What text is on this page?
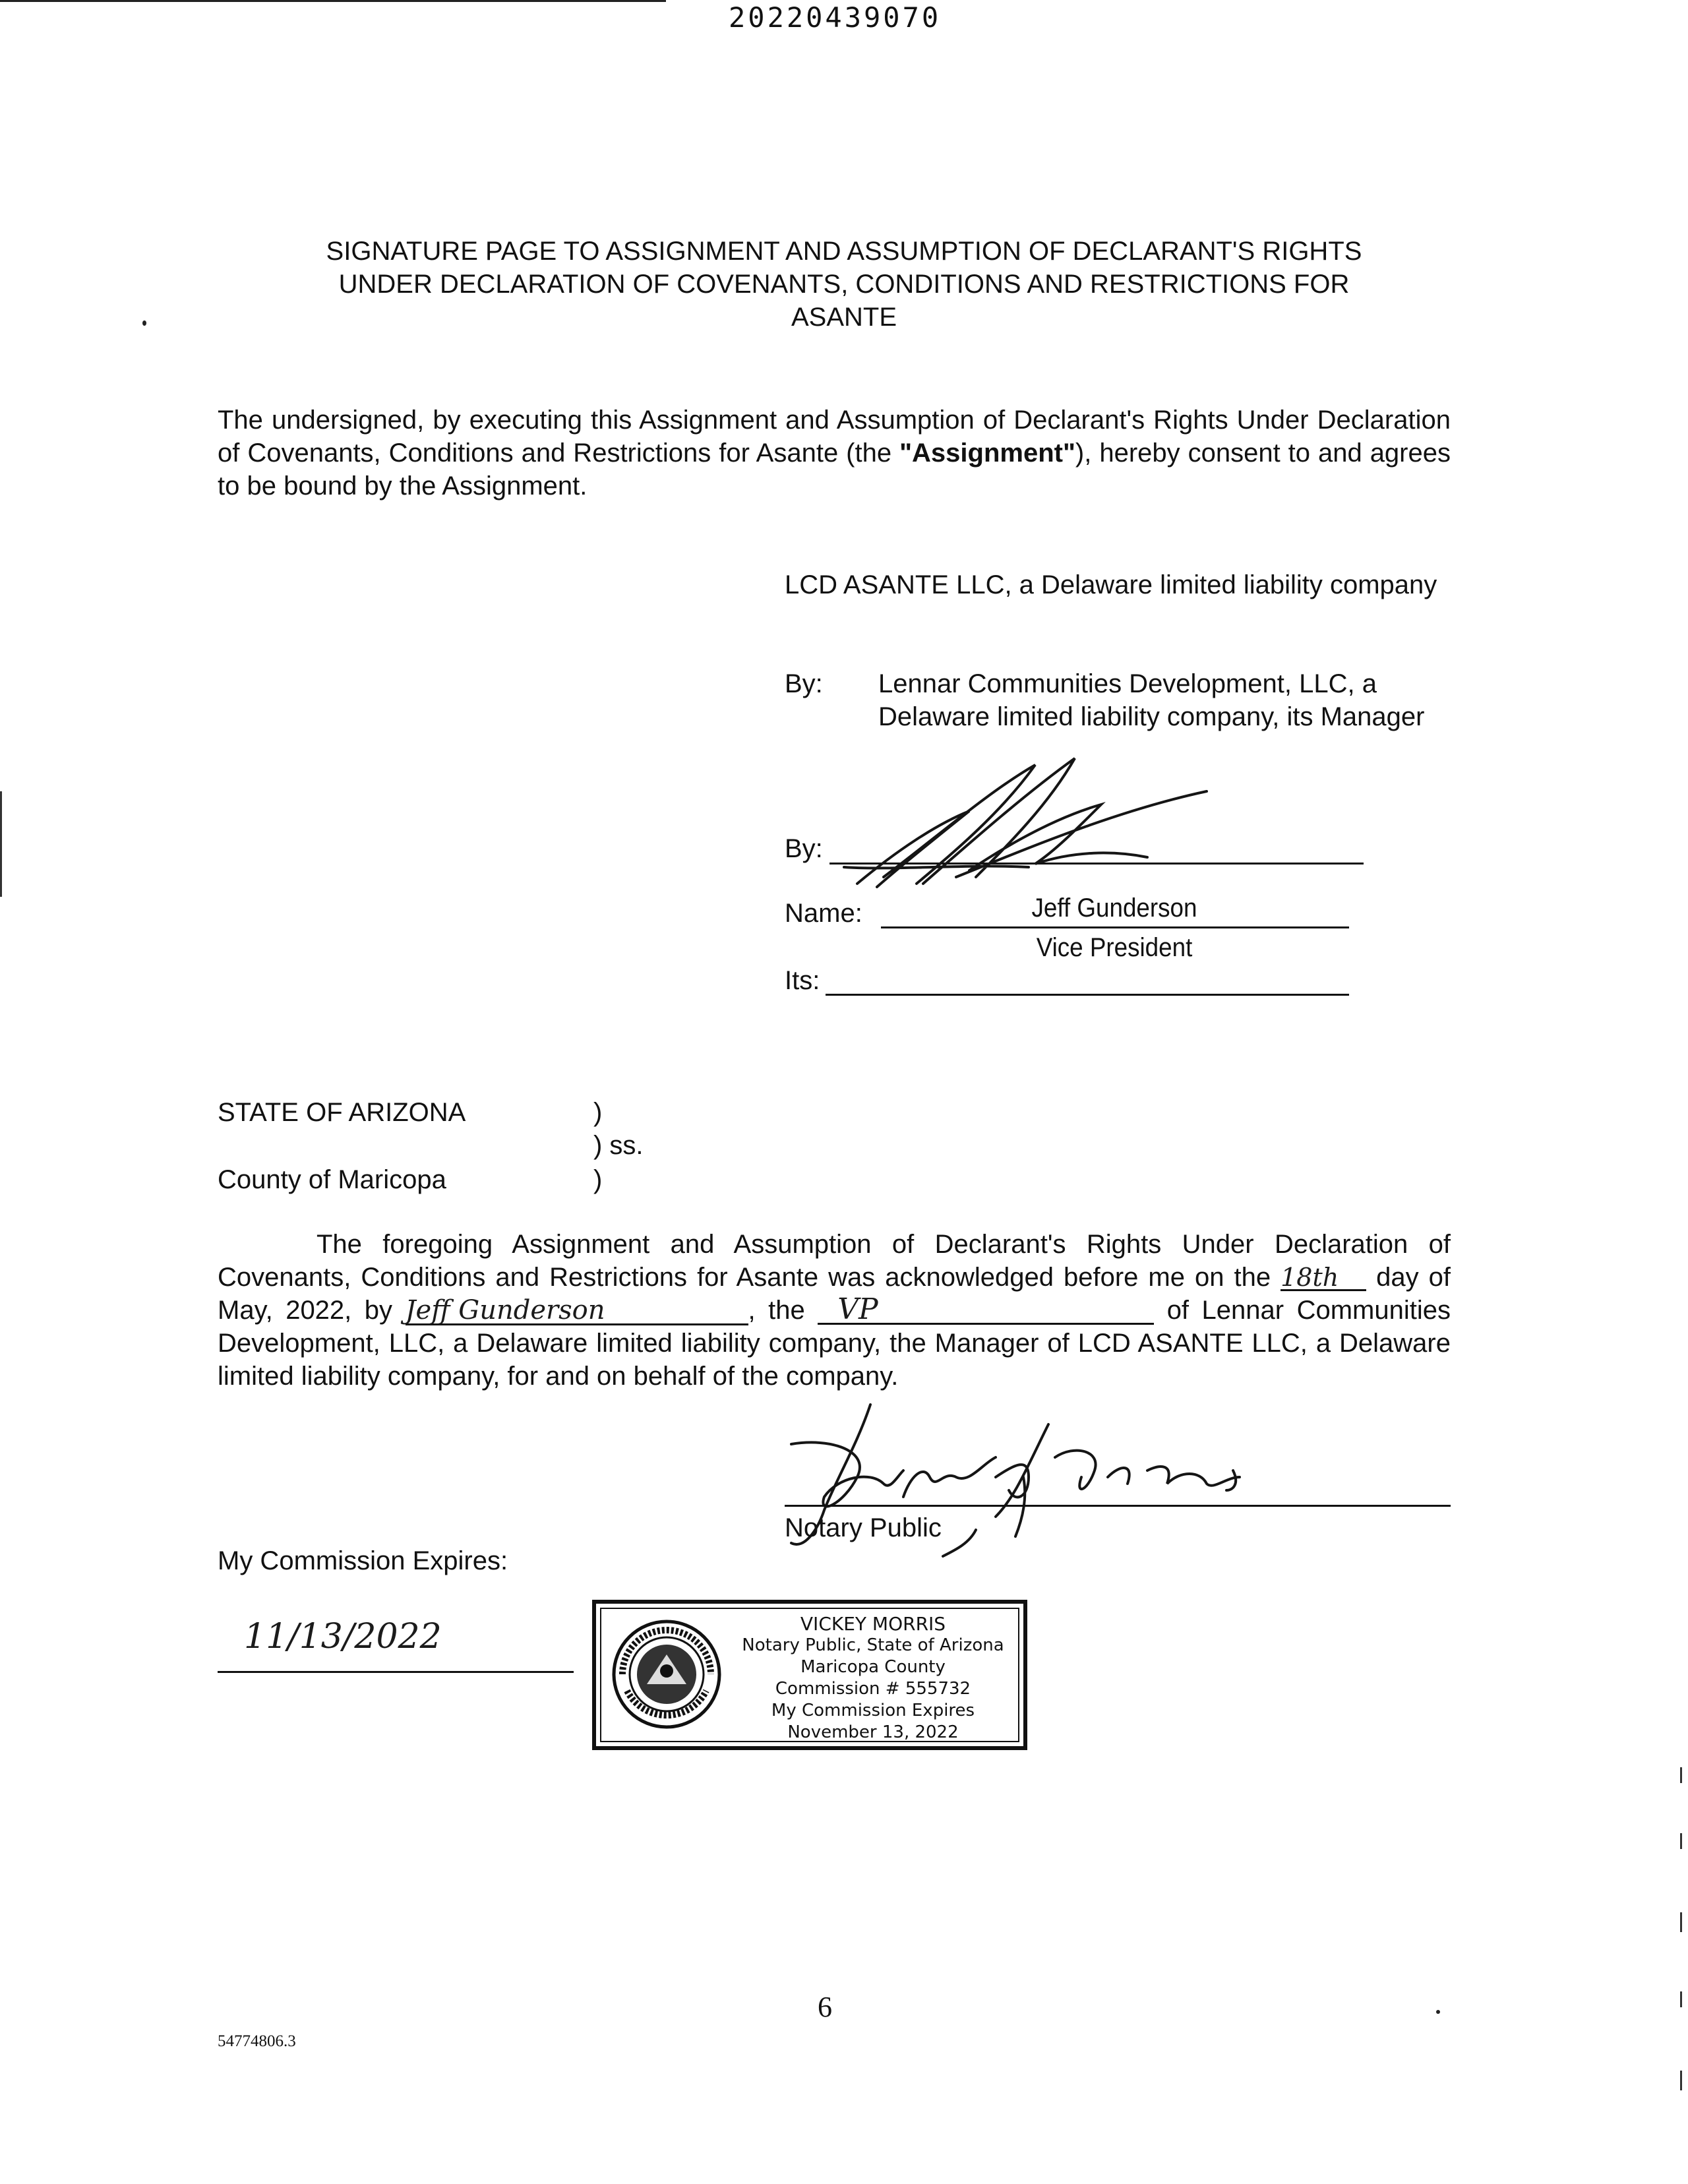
20220439070
SIGNATURE PAGE TO ASSIGNMENT AND ASSUMPTION OF DECLARANT'S RIGHTS
UNDER DECLARATION OF COVENANTS, CONDITIONS AND RESTRICTIONS FOR
ASANTE
The undersigned, by executing this Assignment and Assumption of Declarant's Rights Under Declaration of Covenants, Conditions and Restrictions for Asante (the "Assignment"), hereby consent to and agrees to be bound by the Assignment.
LCD ASANTE LLC, a Delaware limited liability company
By: Lennar Communities Development, LLC, a Delaware limited liability company, its Manager
By:
Name:	Jeff Gunderson
Its:
Vice President
STATE OF ARIZONA	)
) ss.
County of Maricopa	)
The foregoing Assignment and Assumption of Declarant's Rights Under Declaration of Covenants, Conditions and Restrictions for Asante was acknowledged before me on the 18th day of May, 2022, by Jeff Gunderson	, the VP	of Lennar Communities Development, LLC, a Delaware limited liability company, the Manager of LCD ASANTE LLC, a Delaware limited liability company, for and on behalf of the company.
Notary Public
My Commission Expires:
11/13/2022	VICKEY MORRIS
Notary Public, State of Arizona
Maricopa County
Commission # 555732
My Commission Expires
November 13, 2022
6
54774806.3
